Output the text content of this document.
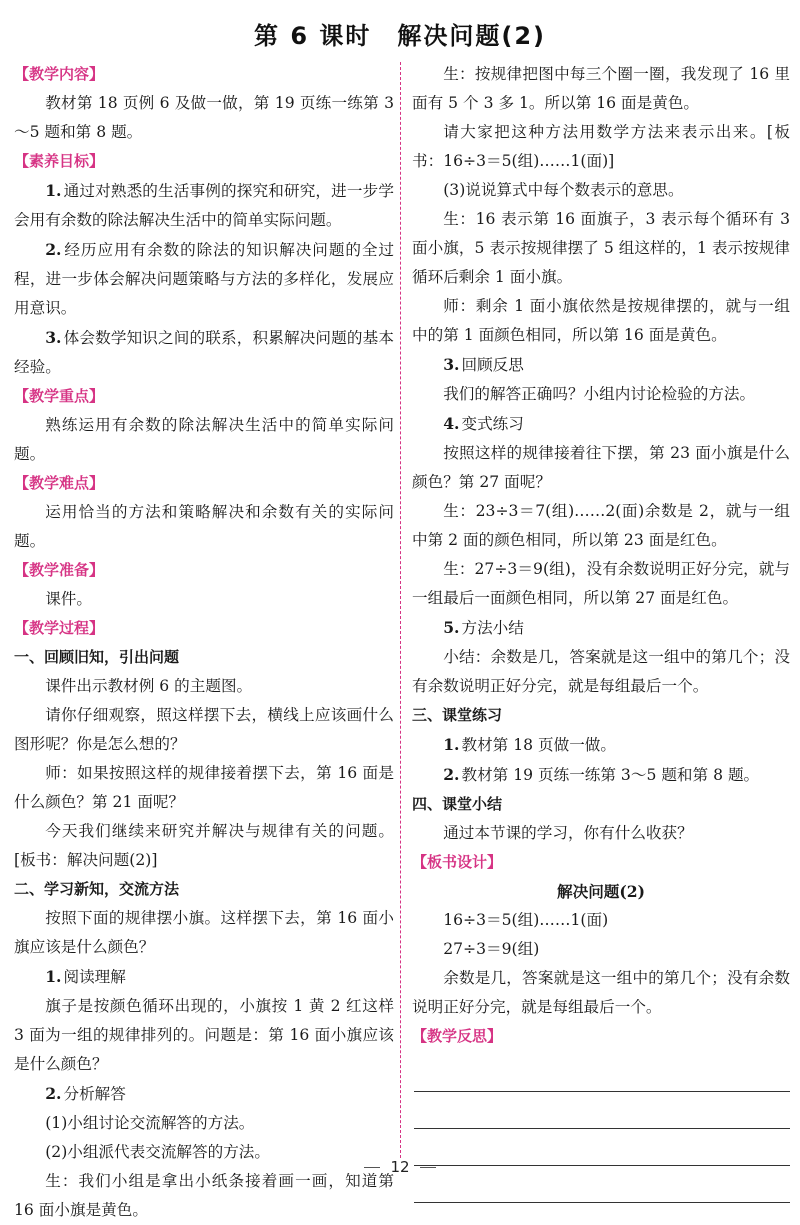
第 6 课时　解决问题(2)
【 教学内容 】

教材第 18 页例 6 及做一做，第 19 页练一练第 3～5 题和第 8 题。

【 素养目标 】

1. 通过对熟悉的生活事例的探究和研究，进一步学会用有余数的除法解决生活中的简单实际问题。

2. 经历应用有余数的除法的知识解决问题的全过程，进一步体会解决问题策略与方法的多样化，发展应用意识。

3. 体会数学知识之间的联系，积累解决问题的基本经验。

【 教学重点 】

熟练运用有余数的除法解决生活中的简单实际问题。

【 教学难点 】

运用恰当的方法和策略解决和余数有关的实际问题。

【 教学准备 】

课件。

【 教学过程 】
一、回顾旧知，引出问题

课件出示教材例 6 的主题图。

请你仔细观察，照这样摆下去，横线上应该画什么图形呢？你是怎么想的？

师：如果按照这样的规律接着摆下去，第 16 面是什么颜色？第 21 面呢？

今天我们继续来研究并解决与规律有关的问题。[板书：解决问题(2)]

二、学习新知，交流方法

按照下面的规律摆小旗。这样摆下去，第 16 面小旗应该是什么颜色？

1. 阅读理解

旗子是按颜色循环出现的，小旗按 1 黄 2 红这样 3 面为一组的规律排列的。问题是：第 16 面小旗应该是什么颜色？

2. 分析解答

(1)小组讨论交流解答的方法。

(2)小组派代表交流解答的方法。

生：我们小组是拿出小纸条接着画一画，知道第 16 面小旗是黄色。

生：按规律把图中每三个圈一圈，我发现了 16 里面有 5 个 3 多 1。所以第 16 面是黄色。

请大家把这种方法用数学方法来表示出来。[板书：16÷3＝5(组)……1(面)]

(3)说说算式中每个数表示的意思。

生：16 表示第 16 面旗子，3 表示每个循环有 3 面小旗，5 表示按规律摆了 5 组这样的，1 表示按规律循环后剩余 1 面小旗。

师：剩余 1 面小旗依然是按规律摆的，就与一组中的第 1 面颜色相同，所以第 16 面是黄色。

3. 回顾反思

我们的解答正确吗？小组内讨论检验的方法。

4. 变式练习

按照这样的规律接着往下摆，第 23 面小旗是什么颜色？第 27 面呢？

生：23÷3＝7(组)……2(面)余数是 2，就与一组中第 2 面的颜色相同，所以第 23 面是红色。

生：27÷3＝9(组)，没有余数说明正好分完，就与一组最后一面颜色相同，所以第 27 面是红色。

5. 方法小结

小结：余数是几，答案就是这一组中的第几个；没有余数说明正好分完，就是每组最后一个。

三、课堂练习

1. 教材第 18 页做一做。

2. 教材第 19 页练一练第 3～5 题和第 8 题。

四、课堂小结

通过本节课的学习，你有什么收获？

【 板书设计 】

解决问题(2)

16÷3＝5(组)……1(面)

27÷3＝9(组)

余数是几，答案就是这一组中的第几个；没有余数说明正好分完，就是每组最后一个。

【 教学反思 】
12
